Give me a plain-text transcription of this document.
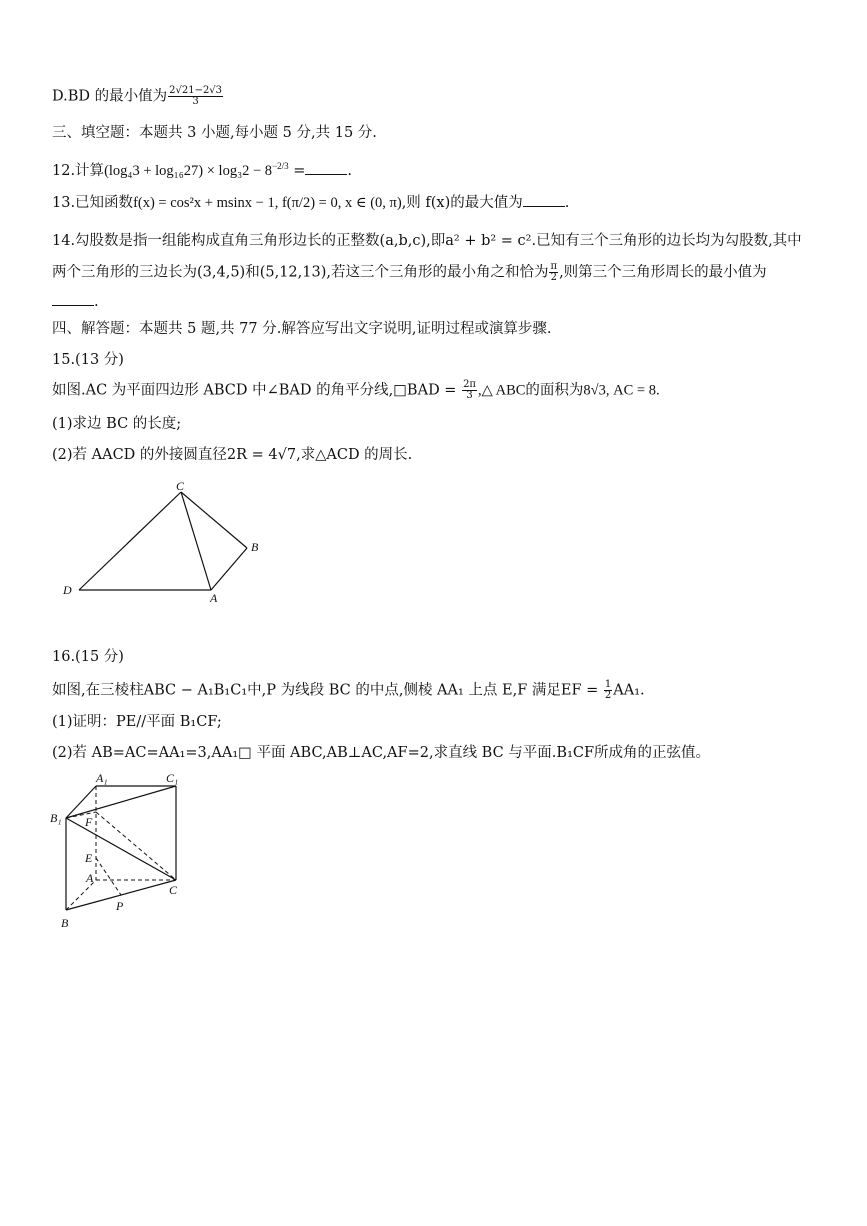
D.BD 的最小值为 $\frac{2√21-2√3}{3}$
三、填空题：本题共 3 小题,每小题 5 分,共 15 分.
12.计算$(\log_43 + \log_{16}27) \times \log_32 - 8^{-2/3}$ =	.
13.已知函数f(x) = cos²x + msinx − 1, f(π/2) = 0, x ∈ (0, π),则 f(x)的最大值为	.
14.勾股数是指一组能构成直角三角形边长的正整数(a,b,c),即a² + b² = c².已知有三个三角形的边长均为勾股数,其中
两个三角形的三边长为(3,4,5)和(5,12,13),若这三个三角形的最小角之和恰为 $\frac{\pi}{2}$ ,则第三个三角形周长的最小值为
.
四、解答题：本题共 5 题,共 77 分.解答应写出文字说明,证明过程或演算步骤.
15.(13 分)
如图.AC 为平面四边形 ABCD 中∠BAD 的角平分线,□BAD = $\frac{2\pi}{3}$ ,△ ABC的面积为8√3, AC = 8.
(1)求边 BC 的长度;
(2)若 AACD 的外接圆直径2R = 4√7,求△ACD 的周长.
C
B
D
A
16.(15 分)
如图,在三棱柱ABC − A₁B₁C₁中,P 为线段 BC 的中点,侧棱 AA₁ 上点 E,F 满足EF = $\frac{1}{2} AA_1$.
(1)证明：PE//平面 B₁CF;
(2)若 AB=AC=AA₁=3,AA₁□ 平面 ABC,AB⊥AC,AF=2,求直线 BC 与平面.B₁CF所成角的正弦值。
A₁	C₁
B₁ F
E
A
C
P
B
